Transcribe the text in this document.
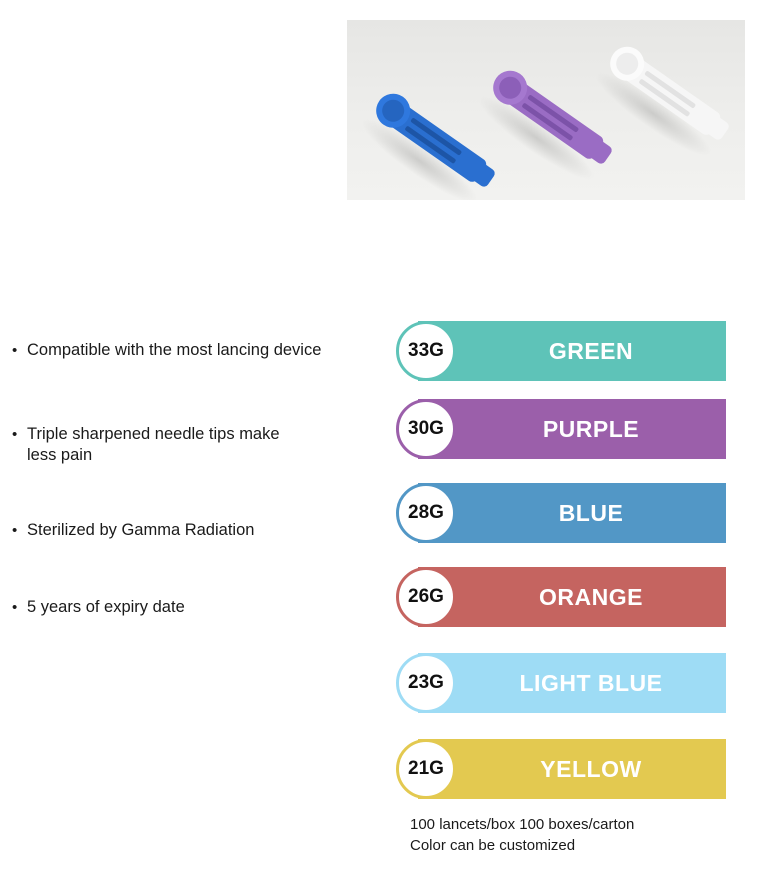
• Compatible with the most lancing device
• Triple sharpened needle tips make
less pain
• Sterilized by Gamma Radiation
• 5 years of expiry date
33G	GREEN
30G	PURPLE
28G	BLUE
26G	ORANGE
23G	LIGHT BLUE
21G	YELLOW
100 lancets/box 100 boxes/carton
Color can be customized
